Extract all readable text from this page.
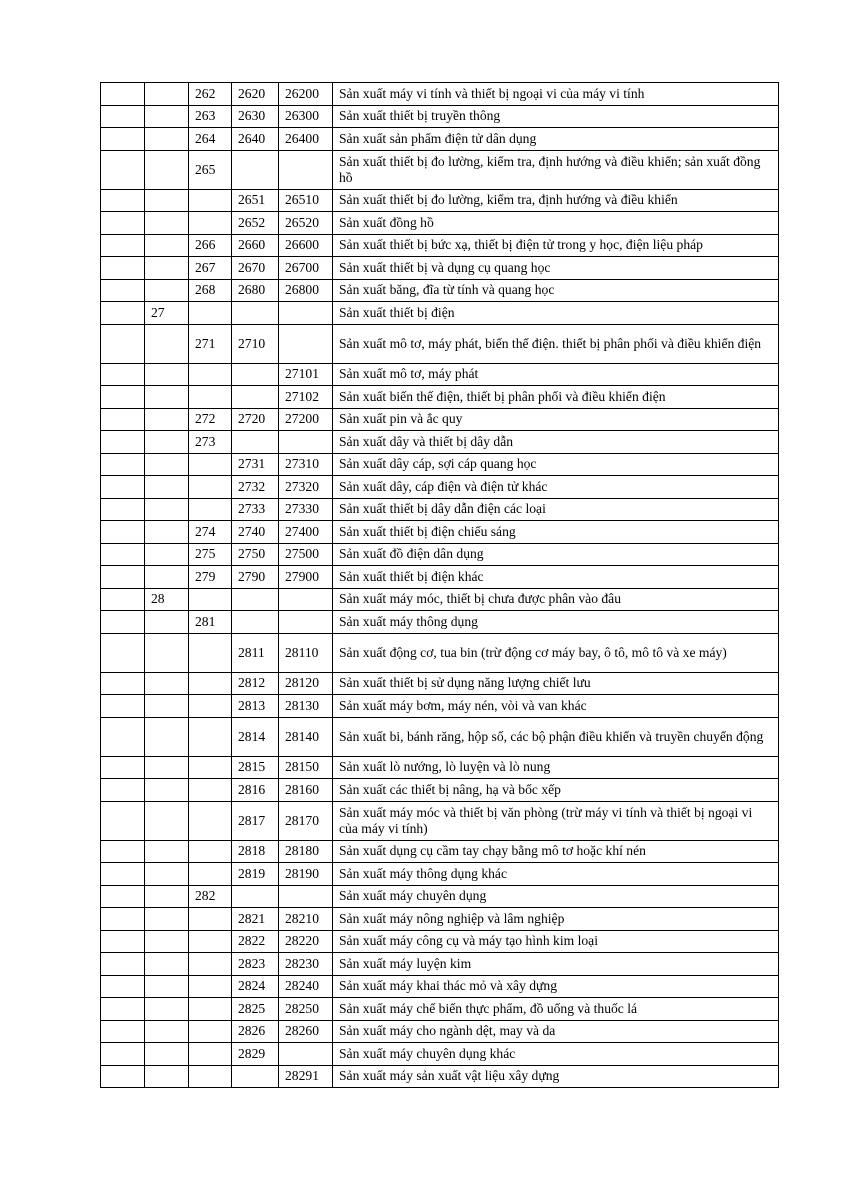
		262	2620	26200	Sản xuất máy vi tính và thiết bị ngoại vi của máy vi tính
		263	2630	26300	Sản xuất thiết bị truyền thông
		264	2640	26400	Sản xuất sản phẩm điện tử dân dụng
		265			Sản xuất thiết bị đo lường, kiểm tra, định hướng và điều khiển; sản xuất đồng hồ
			2651	26510	Sản xuất thiết bị đo lường, kiểm tra, định hướng và điều khiển
			2652	26520	Sản xuất đồng hồ
		266	2660	26600	Sản xuất thiết bị bức xạ, thiết bị điện tử trong y học, điện liệu pháp
		267	2670	26700	Sản xuất thiết bị và dụng cụ quang học
		268	2680	26800	Sản xuất băng, đĩa từ tính và quang học
	27				Sản xuất thiết bị điện
		271	2710		Sản xuất mô tơ, máy phát, biến thế điện. thiết bị phân phối và điều khiển điện
				27101	Sản xuất mô tơ, máy phát
				27102	Sản xuất biến thế điện, thiết bị phân phối và điều khiển điện
		272	2720	27200	Sản xuất pin và ắc quy
		273			Sản xuất dây và thiết bị dây dẫn
			2731	27310	Sản xuất dây cáp, sợi cáp quang học
			2732	27320	Sản xuất dây, cáp điện và điện tử khác
			2733	27330	Sản xuất thiết bị dây dẫn điện các loại
		274	2740	27400	Sản xuất thiết bị điện chiếu sáng
		275	2750	27500	Sản xuất đồ điện dân dụng
		279	2790	27900	Sản xuất thiết bị điện khác
	28				Sản xuất máy móc, thiết bị chưa được phân vào đâu
		281			Sản xuất máy thông dụng
			2811	28110	Sản xuất động cơ, tua bin (trừ động cơ máy bay, ô tô, mô tô và xe máy)
			2812	28120	Sản xuất thiết bị sử dụng năng lượng chiết lưu
			2813	28130	Sản xuất máy bơm, máy nén, vòi và van khác
			2814	28140	Sản xuất bi, bánh răng, hộp số, các bộ phận điều khiển và truyền chuyển động
			2815	28150	Sản xuất lò nướng, lò luyện và lò nung
			2816	28160	Sản xuất các thiết bị nâng, hạ và bốc xếp
			2817	28170	Sản xuất máy móc và thiết bị văn phòng (trừ máy vi tính và thiết bị ngoại vi của máy vi tính)
			2818	28180	Sản xuất dụng cụ cầm tay chạy bằng mô tơ hoặc khí nén
			2819	28190	Sản xuất máy thông dụng khác
		282			Sản xuất máy chuyên dụng
			2821	28210	Sản xuất máy nông nghiệp và lâm nghiệp
			2822	28220	Sản xuất máy công cụ và máy tạo hình kim loại
			2823	28230	Sản xuất máy luyện kim
			2824	28240	Sản xuất máy khai thác mỏ và xây dựng
			2825	28250	Sản xuất máy chế biến thực phẩm, đồ uống và thuốc lá
			2826	28260	Sản xuất máy cho ngành dệt, may và da
			2829		Sản xuất máy chuyên dụng khác
				28291	Sản xuất máy sản xuất vật liệu xây dựng
